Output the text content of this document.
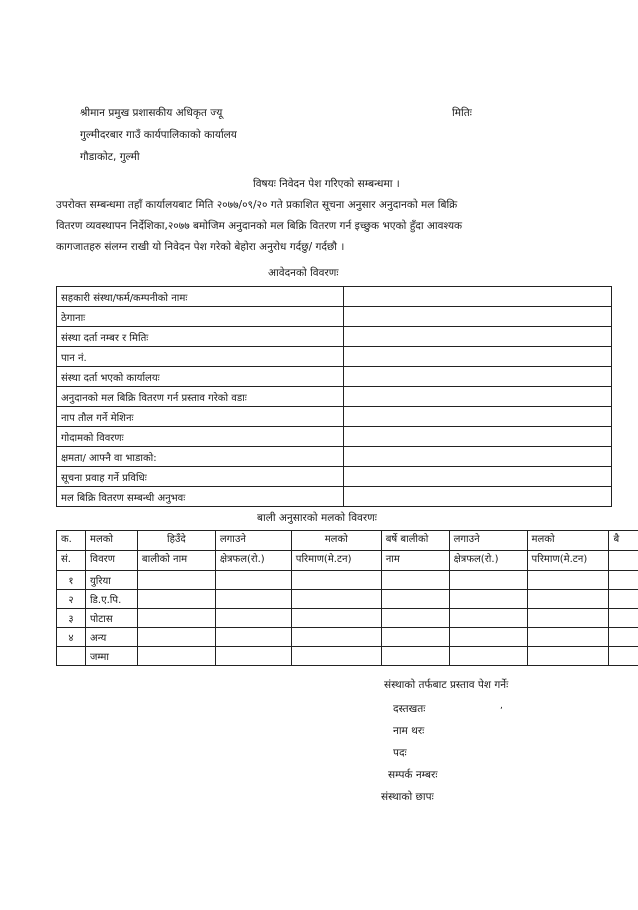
श्रीमान प्रमुख प्रशासकीय अधिकृत ज्यू	मितिः
गुल्मीदरबार गाउँ कार्यपालिकाको कार्यालय
गौडाकोट, गुल्मी
विषयः निवेदन पेश गरिएको सम्बन्धमा ।
उपरोक्त सम्बन्धमा तहाँ कार्यालयबाट मिति २०७७/०९/२० गते प्रकाशित सूचना अनुसार अनुदानको मल बिक्रि
वितरण व्यवस्थापन निर्देशिका,२०७७ बमोजिम अनुदानको मल बिक्रि वितरण गर्न इच्छुक भएको हुँदा आवश्यक
कागजातहरु संलग्न राखी यो निवेदन पेश गरेको बेहोरा अनुरोध गर्दछु/ गर्दछौ ।
आवेदनको विवरणः
सहकारी संस्था/फर्म/कम्पनीको नामः	
ठेगानाः	
संस्था दर्ता नम्बर र मितिः	
पान नं.	
संस्था दर्ता भएको कार्यालयः	
अनुदानको मल बिक्रि वितरण गर्न प्रस्ताव गरेको वडाः	
नाप तौल गर्ने मेशिनः	
गोदामको विवरणः	
क्षमता/ आफ्नै वा भाडाको:	
सूचना प्रवाह गर्ने प्रविधिः	
मल बिक्रि वितरण सम्बन्धी अनुभवः	
बाली अनुसारको मलको विवरणः
क.	मलको	हिउँदे	लगाउने	मलको	बर्षे बालीको	लगाउने	मलको	बै
सं.	विवरण	बालीको नाम	क्षेत्रफल(रो.)	परिमाण(मे.टन)	नाम	क्षेत्रफल(रो.)	परिमाण(मे.टन)	
१	युरिया							
२	डि.ए.पि.							
३	पोटास							
४	अन्य							
	जम्मा							
संस्थाको तर्फबाट प्रस्ताव पेश गर्नेः
दस्तखतः	,
नाम थरः
पदः
सम्पर्क नम्बरः
संस्थाको छापः
